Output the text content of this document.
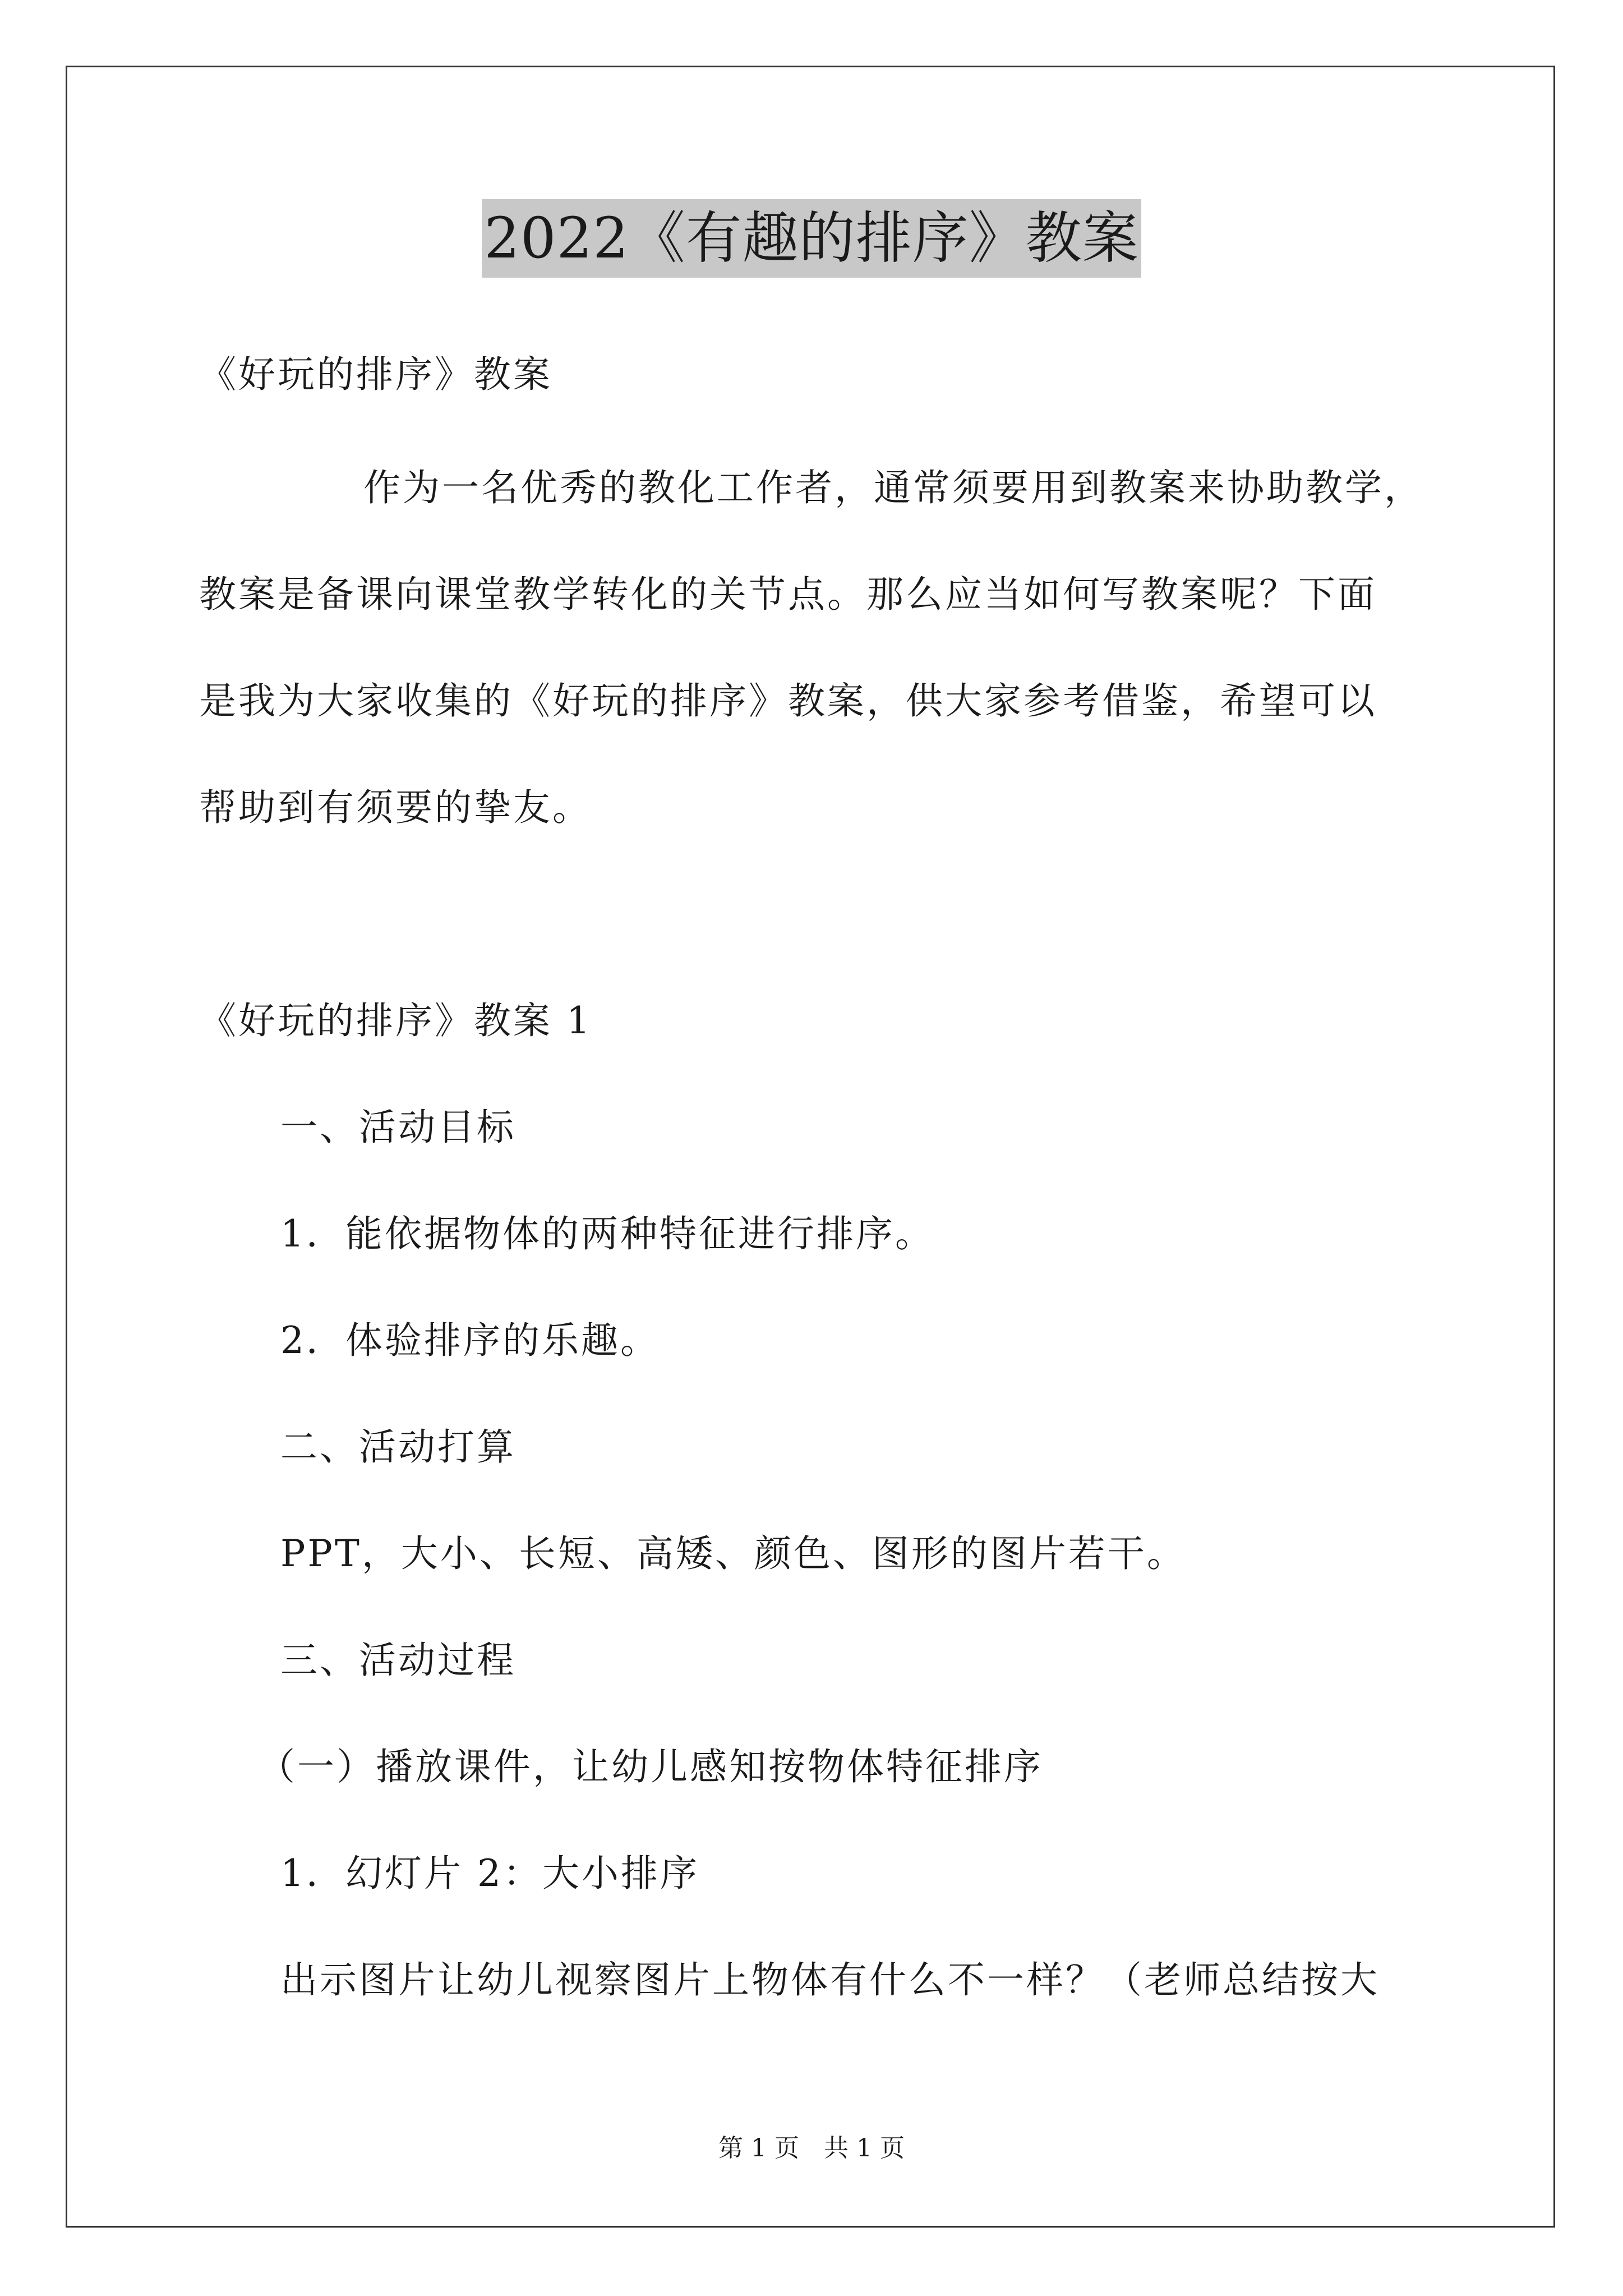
2022《有趣的排序》教案
《好玩的排序》教案
作为一名优秀的教化工作者，通常须要用到教案来协助教学，
教案是备课向课堂教学转化的关节点。那么应当如何写教案呢？下面
是我为大家收集的《好玩的排序》教案，供大家参考借鉴，希望可以
帮助到有须要的挚友。
《好玩的排序》教案 1
一、活动目标
1．能依据物体的两种特征进行排序。
2．体验排序的乐趣。
二、活动打算
PPT，大小、长短、高矮、颜色、图形的图片若干。
三、活动过程
（一）播放课件，让幼儿感知按物体特征排序
1．幻灯片 2：大小排序
出示图片让幼儿视察图片上物体有什么不一样？（老师总结按大
第 1 页　共 1 页
